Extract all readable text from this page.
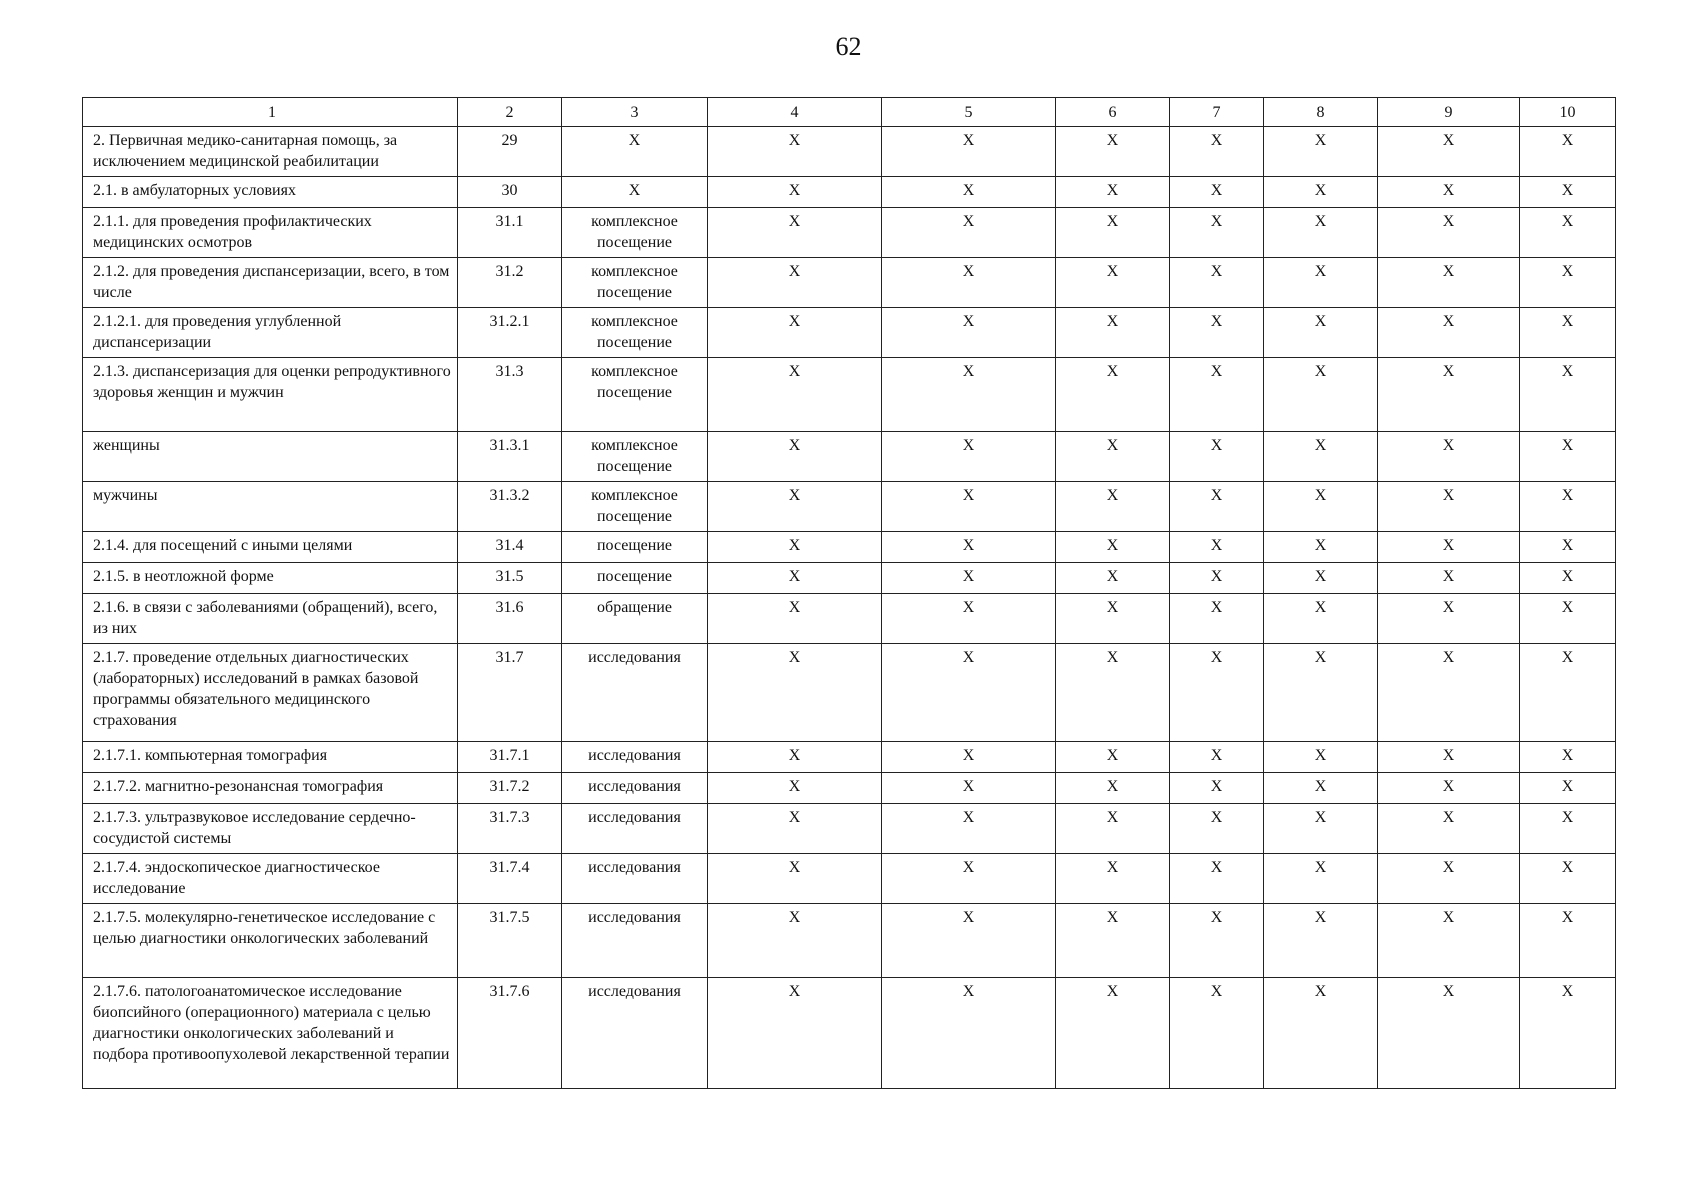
62
1	2	3	4	5	6	7	8	9	10
2. Первичная медико-санитарная помощь, за исключением медицинской реабилитации	29	X	X	X	X	X	X	X	X
2.1. в амбулаторных условиях	30	X	X	X	X	X	X	X	X
2.1.1. для проведения профилактических медицинских осмотров	31.1	комплексное посещение	X	X	X	X	X	X	X
2.1.2. для проведения диспансеризации, всего, в том числе	31.2	комплексное посещение	X	X	X	X	X	X	X
2.1.2.1. для проведения углубленной диспансеризации	31.2.1	комплексное посещение	X	X	X	X	X	X	X
2.1.3. диспансеризация для оценки репродуктивного здоровья женщин и мужчин	31.3	комплексное посещение	X	X	X	X	X	X	X
женщины	31.3.1	комплексное посещение	X	X	X	X	X	X	X
мужчины	31.3.2	комплексное посещение	X	X	X	X	X	X	X
2.1.4. для посещений с иными целями	31.4	посещение	X	X	X	X	X	X	X
2.1.5. в неотложной форме	31.5	посещение	X	X	X	X	X	X	X
2.1.6. в связи с заболеваниями (обращений), всего, из них	31.6	обращение	X	X	X	X	X	X	X
2.1.7. проведение отдельных диагностических (лабораторных) исследований в рамках базовой программы обязательного медицинского страхования	31.7	исследования	X	X	X	X	X	X	X
2.1.7.1. компьютерная томография	31.7.1	исследования	X	X	X	X	X	X	X
2.1.7.2. магнитно-резонансная томография	31.7.2	исследования	X	X	X	X	X	X	X
2.1.7.3. ультразвуковое исследование сердечно-сосудистой системы	31.7.3	исследования	X	X	X	X	X	X	X
2.1.7.4. эндоскопическое диагностическое исследование	31.7.4	исследования	X	X	X	X	X	X	X
2.1.7.5. молекулярно-генетическое исследование с целью диагностики онкологических заболеваний	31.7.5	исследования	X	X	X	X	X	X	X
2.1.7.6. патологоанатомическое исследование биопсийного (операционного) материала с целью диагностики онкологических заболеваний и подбора противоопухолевой лекарственной терапии	31.7.6	исследования	X	X	X	X	X	X	X
